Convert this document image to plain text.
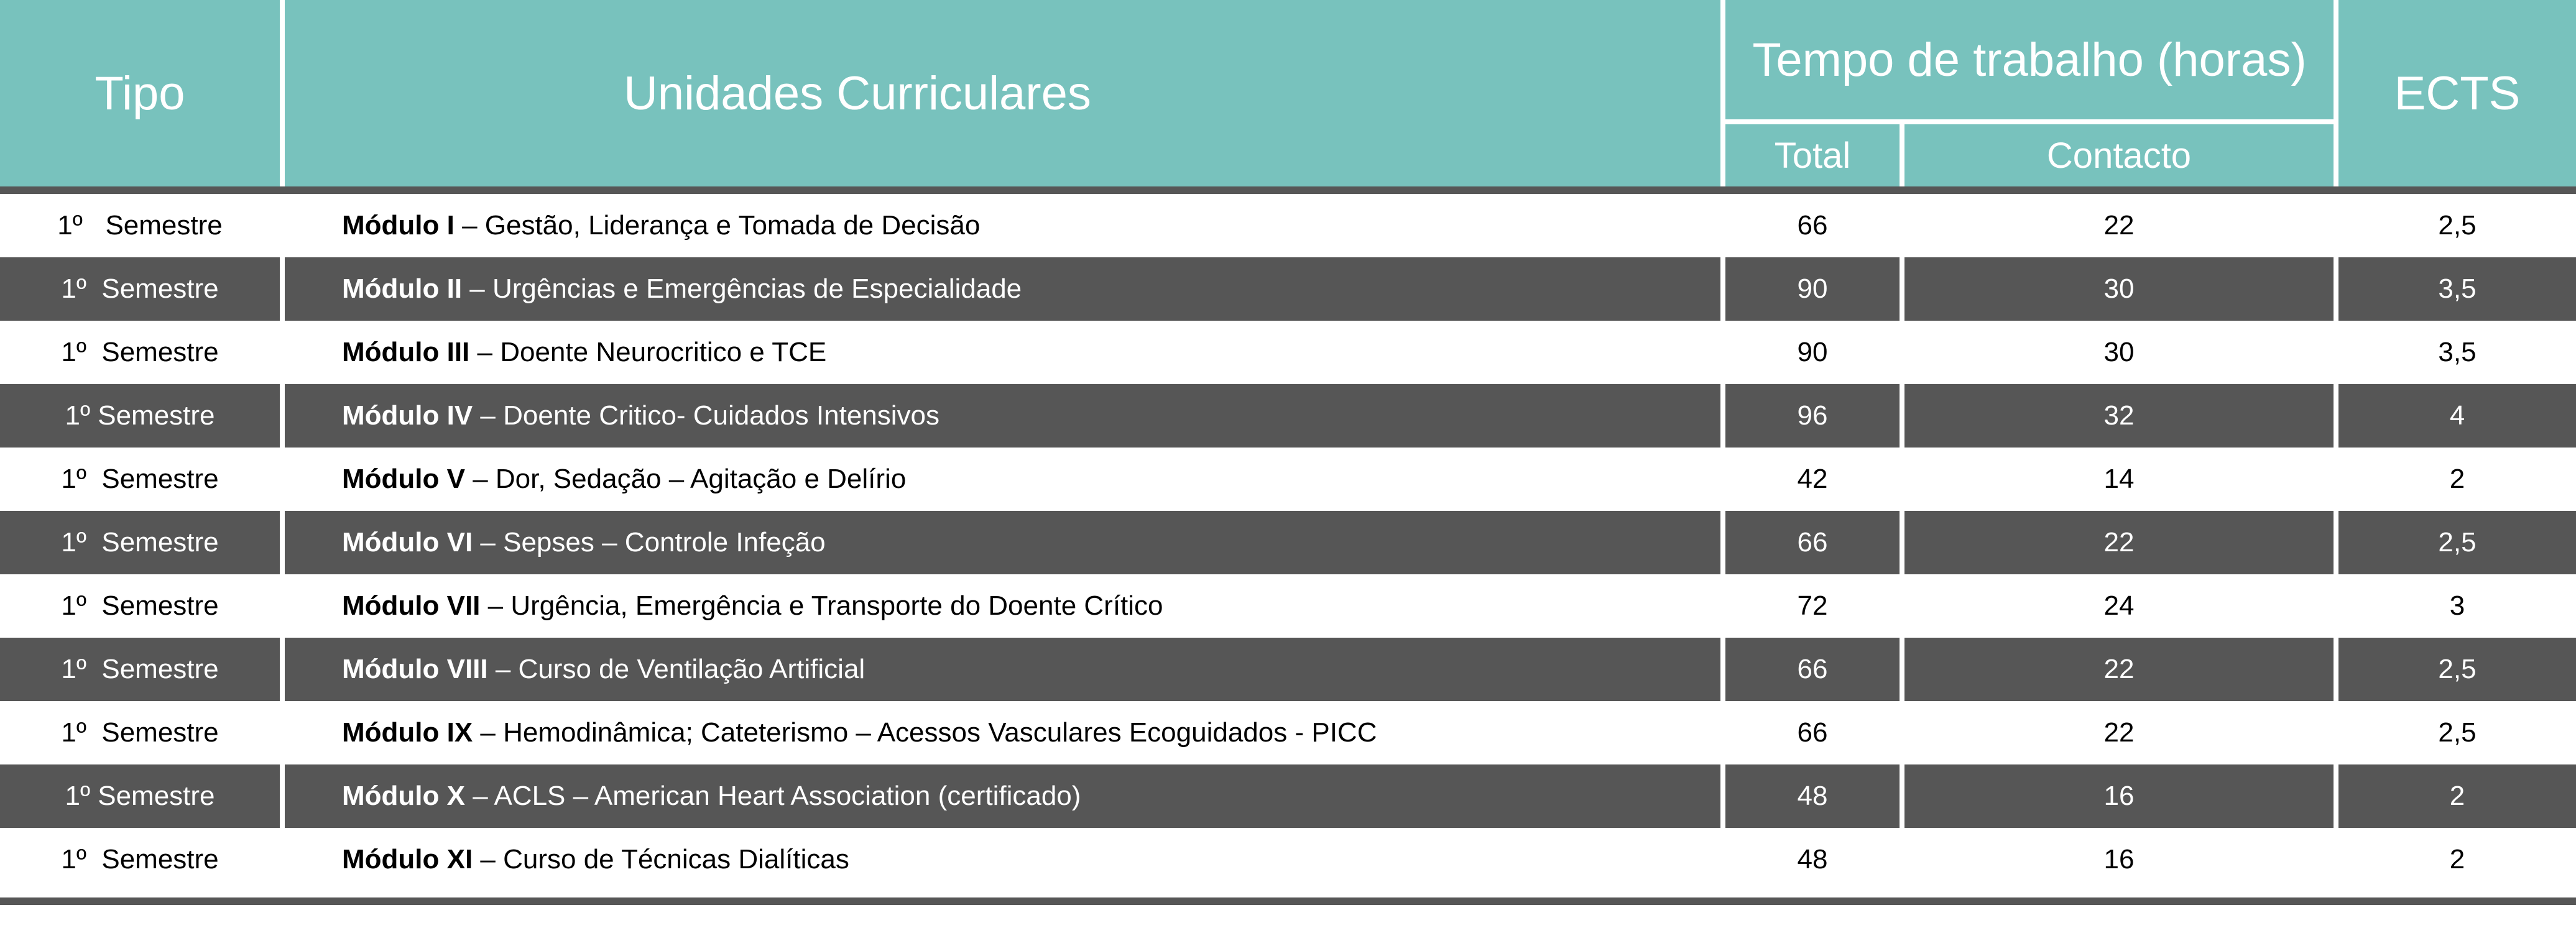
Tipo	Unidades Curriculares
Tempo de trabalho (horas)
Total	Contacto
ECTS
1º   Semestre	Módulo I – Gestão, Liderança e Tomada de Decisão	66	22	2,5
1º  Semestre	Módulo II – Urgências e Emergências de Especialidade	90	30	3,5
1º  Semestre	Módulo III – Doente Neurocritico e TCE	90	30	3,5
1º Semestre	Módulo IV – Doente Critico- Cuidados Intensivos	96	32	4
1º  Semestre	Módulo V – Dor, Sedação – Agitação e Delírio	42	14	2
1º  Semestre	Módulo VI – Sepses – Controle Infeção	66	22	2,5
1º  Semestre	Módulo VII – Urgência, Emergência e Transporte do Doente Crítico	72	24	3
1º  Semestre	Módulo VIII – Curso de Ventilação Artificial	66	22	2,5
1º  Semestre	Módulo IX – Hemodinâmica; Cateterismo – Acessos Vasculares Ecoguidados - PICC	66	22	2,5
1º Semestre	Módulo X – ACLS – American Heart Association (certificado)	48	16	2
1º  Semestre	Módulo XI – Curso de Técnicas Dialíticas	48	16	2
